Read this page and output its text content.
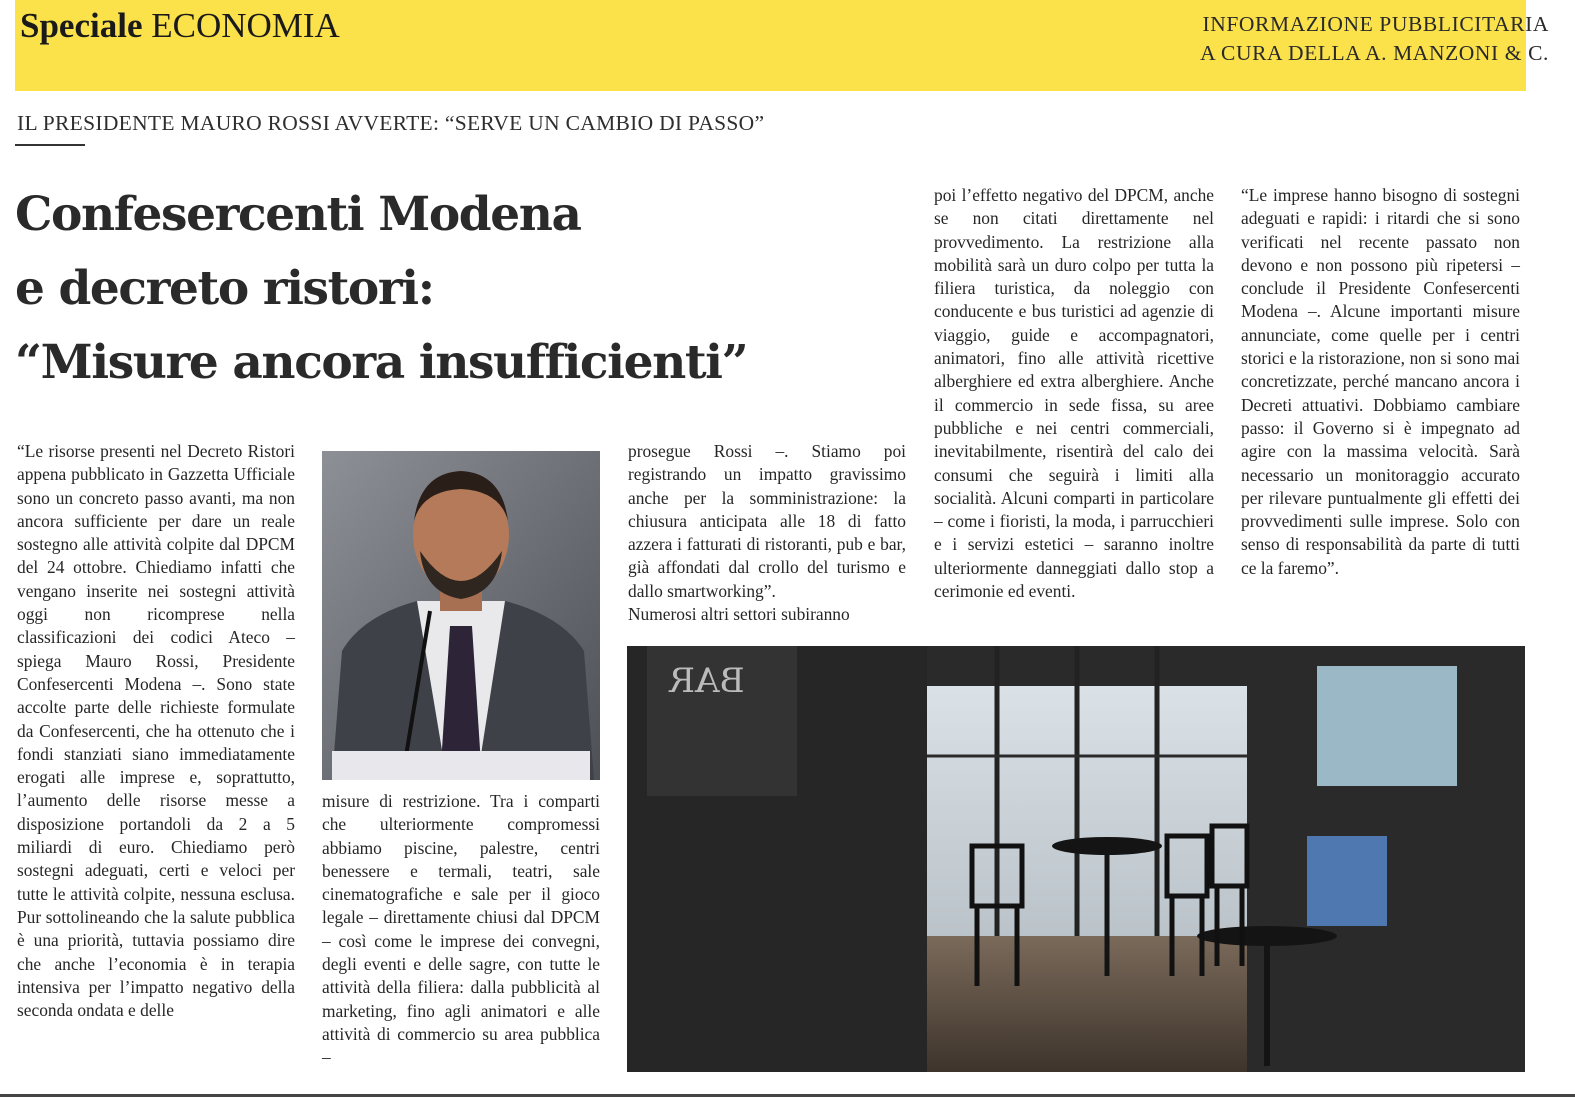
Speciale ECONOMIA	INFORMAZIONE PUBBLICITARIA
A CURA DELLA A. MANZONI & C.
IL PRESIDENTE MAURO ROSSI AVVERTE: “SERVE UN CAMBIO DI PASSO”
Confesercenti Modena
e decreto ristori:
“Misure ancora insufficienti”

“Le risorse presenti nel Decreto Ristori appena pubblicato in Gazzetta Ufficiale sono un concreto passo avanti, ma non ancora sufficiente per dare un reale sostegno alle attività colpite dal DPCM del 24 ottobre. Chiediamo infatti che vengano inserite nei sostegni attività oggi non ricomprese nella classificazioni dei codici Ateco – spiega Mauro Rossi, Presidente Confesercenti Modena –. Sono state accolte parte delle richieste formulate da Confesercenti, che ha ottenuto che i fondi stanziati siano immediatamente erogati alle imprese e, soprattutto, l’aumento delle risorse messe a disposizione portandoli da 2 a 5 miliardi di euro. Chiediamo però sostegni adeguati, certi e veloci per tutte le attività colpite, nessuna esclusa. Pur sottolineando che la salute pubblica è una priorità, tuttavia possiamo dire che anche l’economia è in terapia intensiva per l’impatto negativo della seconda ondata e delle

misure di restrizione. Tra i comparti che ulteriormente compromessi abbiamo piscine, palestre, centri benessere e termali, teatri, sale cinematografiche e sale per il gioco legale – direttamente chiusi dal DPCM – così come le imprese dei convegni, degli eventi e delle sagre, con tutte le attività della filiera: dalla pubblicità al marketing, fino agli animatori e alle attività di commercio su area pubblica –

prosegue Rossi –. Stiamo poi registrando un impatto gravissimo anche per la somministrazione: la chiusura anticipata alle 18 di fatto azzera i fatturati di ristoranti, pub e bar, già affondati dal crollo del turismo e dallo smartworking”.

Numerosi altri settori subiranno

poi l’effetto negativo del DPCM, anche se non citati direttamente nel provvedimento. La restrizione alla mobilità sarà un duro colpo per tutta la filiera turistica, da noleggio con conducente e bus turistici ad agenzie di viaggio, guide e accompagnatori, animatori, fino alle attività ricettive alberghiere ed extra alberghiere. Anche il commercio in sede fissa, su aree pubbliche e nei centri commerciali, inevitabilmente, risentirà del calo dei consumi che seguirà i limiti alla socialità. Alcuni comparti in particolare – come i fioristi, la moda, i parrucchieri e i servizi estetici – saranno inoltre ulteriormente danneggiati dallo stop a cerimonie ed eventi.

“Le imprese hanno bisogno di sostegni adeguati e rapidi: i ritardi che si sono verificati nel recente passato non devono e non possono più ripetersi – conclude il Presidente Confesercenti Modena –. Alcune importanti misure annunciate, come quelle per i centri storici e la ristorazione, non si sono mai concretizzate, perché mancano ancora i Decreti attuativi. Dobbiamo cambiare passo: il Governo si è impegnato ad agire con la massima velocità. Sarà necessario un monitoraggio accurato per rilevare puntualmente gli effetti dei provvedimenti sulle imprese. Solo con senso di responsabilità da parte di tutti ce la faremo”.

BAR
